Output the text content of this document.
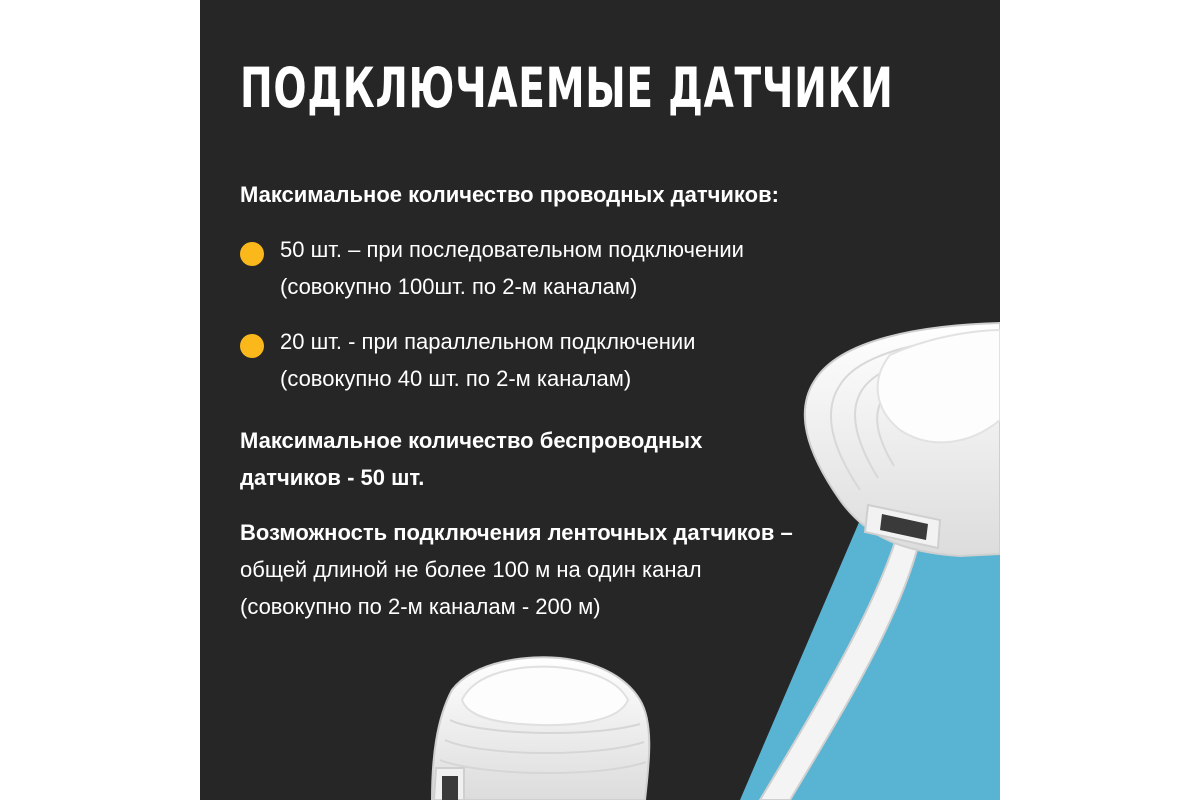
ПОДКЛЮЧАЕМЫЕ ДАТЧИКИ
Максимальное количество проводных датчиков:
50 шт. – при последовательном подключении
(совокупно 100шт. по 2-м каналам)
20 шт. - при параллельном подключении
(совокупно 40 шт. по 2-м каналам)
Максимальное количество беспроводных
датчиков - 50 шт.
Возможность подключения ленточных датчиков –
общей длиной не более 100 м на один канал
(совокупно по 2-м каналам - 200 м)
